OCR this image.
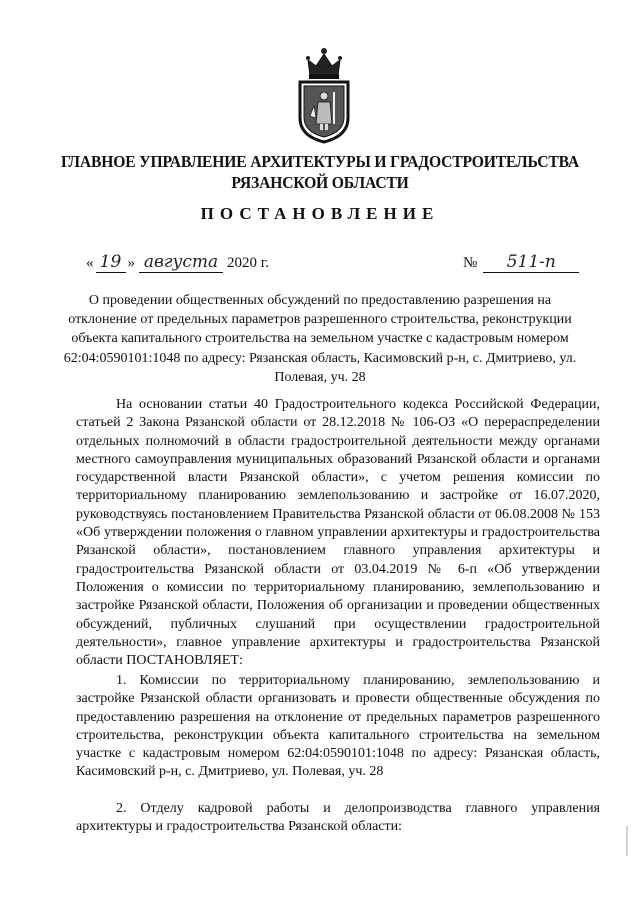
ГЛАВНОЕ УПРАВЛЕНИЕ АРХИТЕКТУРЫ И ГРАДОСТРОИТЕЛЬСТВА
РЯЗАНСКОЙ ОБЛАСТИ
ПОСТАНОВЛЕНИЕ
« 19 » августа 2020 г.	№	511-п

О проведении общественных обсуждений по предоставлению разрешения на отклонение от предельных параметров разрешенного строительства, реконструкции объекта капитального строительства на земельном участке с кадастровым номером 62:04:0590101:1048 по адресу: Рязанская область, Касимовский р-н, с. Дмитриево, ул. Полевая, уч. 28

На основании статьи 40 Градостроительного кодекса Российской Федерации, статьей 2 Закона Рязанской области от 28.12.2018 № 106-ОЗ «О перераспределении отдельных полномочий в области градостроительной деятельности между органами местного самоуправления муниципальных образований Рязанской области и органами государственной власти Рязанской области», с учетом решения комиссии по территориальному планированию землепользованию и застройке от 16.07.2020, руководствуясь постановлением Правительства Рязанской области от 06.08.2008 № 153 «Об утверждении положения о главном управлении архитектуры и градостроительства Рязанской области», постановлением главного управления архитектуры и градостроительства Рязанской области от 03.04.2019 № 6-п «Об утверждении Положения о комиссии по территориальному планированию, землепользованию и застройке Рязанской области, Положения об организации и проведении общественных обсуждений, публичных слушаний при осуществлении градостроительной деятельности», главное управление архитектуры и градостроительства Рязанской области ПОСТАНОВЛЯЕТ:

1. Комиссии по территориальному планированию, землепользованию и застройке Рязанской области организовать и провести общественные обсуждения по предоставлению разрешения на отклонение от предельных параметров разрешенного строительства, реконструкции объекта капитального строительства на земельном участке с кадастровым номером 62:04:0590101:1048 по адресу: Рязанская область, Касимовский р-н, с. Дмитриево, ул. Полевая, уч. 28

2. Отделу кадровой работы и делопроизводства главного управления архитектуры и градостроительства Рязанской области:
